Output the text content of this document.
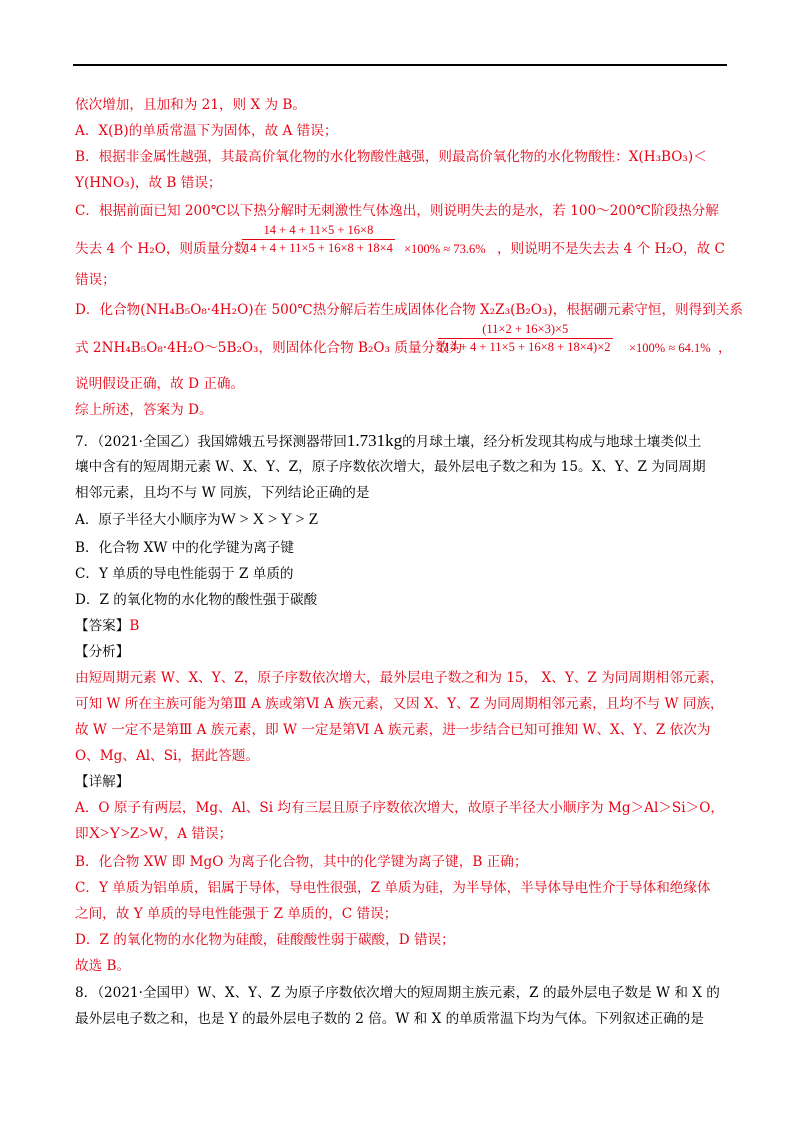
依次增加，且加和为 21，则 X 为 B。
A．X(B)的单质常温下为固体，故 A 错误；
B．根据非金属性越强，其最高价氧化物的水化物酸性越强，则最高价氧化物的水化物酸性：X(H₃BO₃)＜
Y(HNO₃)，故 B 错误；
C．根据前面已知 200℃以下热分解时无刺激性气体逸出，则说明失去的是水，若 100～200℃阶段热分解
失去 4 个 H₂O，则质量分数
$\frac{14 + 4 + 11\times 5 + 16\times 8}{14 + 4 + 11\times 5 + 16\times 8 + 18\times 4} \times 100\% \approx 73.6\%$ ，则说明不是失去去 4 个 H₂O，故 C
错误；
D．化合物(NH₄B₅O₈·4H₂O)在 500℃热分解后若生成固体化合物 X₂Z₃(B₂O₃)，根据硼元素守恒，则得到关系
式 2NH₄B₅O₈·4H₂O～5B₂O₃，则固体化合物 B₂O₃ 质量分数为
$\frac{(11\times 2 + 16\times 3)\times 5}{(14 + 4 + 11\times 5 + 16\times 8 + 18\times 4)\times 2} \times 100\% \approx 64.1\%$ ，
说明假设正确，故 D 正确。
综上所述，答案为 D。
7．（2021·全国乙）我国嫦娥五号探测器带回1.731kg的月球土壤，经分析发现其构成与地球土壤类似土
壤中含有的短周期元素 W、X、Y、Z，原子序数依次增大，最外层电子数之和为 15。X、Y、Z 为同周期
相邻元素，且均不与 W 同族，下列结论正确的是
A．原子半径大小顺序为W > X > Y > Z
B．化合物 XW 中的化学键为离子键
C．Y 单质的导电性能弱于 Z 单质的
D．Z 的氧化物的水化物的酸性强于碳酸
【答案】B
【分析】
由短周期元素 W、X、Y、Z，原子序数依次增大，最外层电子数之和为 15， X、Y、Z 为同周期相邻元素，
可知 W 所在主族可能为第Ⅲ A 族或第Ⅵ A 族元素，又因 X、Y、Z 为同周期相邻元素，且均不与 W 同族，
故 W 一定不是第Ⅲ A 族元素，即 W 一定是第Ⅵ A 族元素，进一步结合已知可推知 W、X、Y、Z 依次为
O、Mg、Al、Si，据此答题。
【详解】
A．O 原子有两层，Mg、Al、Si 均有三层且原子序数依次增大，故原子半径大小顺序为 Mg＞Al＞Si＞O，
即X>Y>Z>W，A 错误；
B．化合物 XW 即 MgO 为离子化合物，其中的化学键为离子键，B 正确；
C．Y 单质为铝单质，铝属于导体，导电性很强，Z 单质为硅，为半导体，半导体导电性介于导体和绝缘体
之间，故 Y 单质的导电性能强于 Z 单质的，C 错误；
D．Z 的氧化物的水化物为硅酸，硅酸酸性弱于碳酸，D 错误；
故选 B。
8．（2021·全国甲）W、X、Y、Z 为原子序数依次增大的短周期主族元素，Z 的最外层电子数是 W 和 X 的
最外层电子数之和，也是 Y 的最外层电子数的 2 倍。W 和 X 的单质常温下均为气体。下列叙述正确的是
